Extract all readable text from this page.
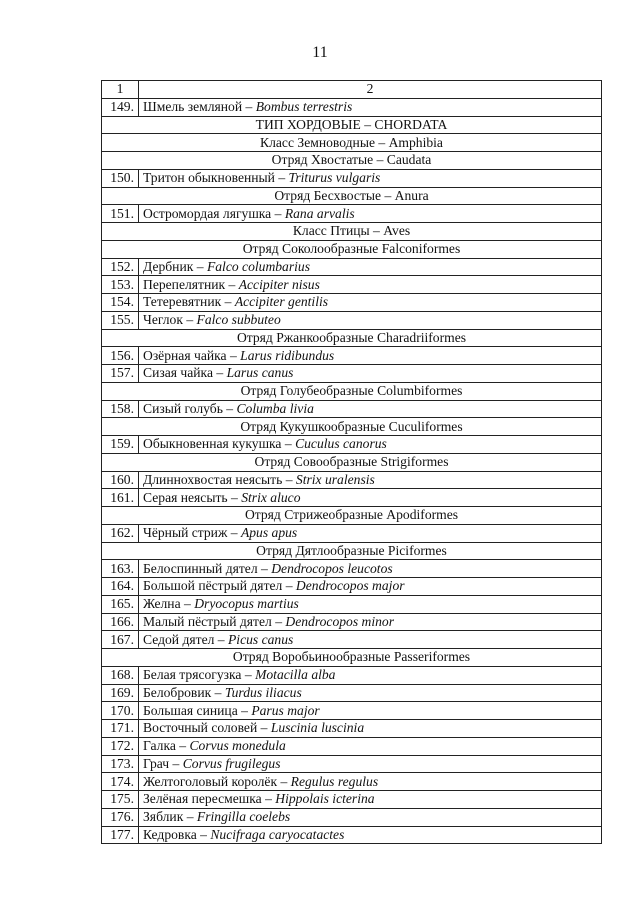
11
1	2
149.	Шмель земляной – Bombus terrestris
ТИП ХОРДОВЫЕ – CHORDATA	
Класс Земноводные – Amphibia	
Отряд Хвостатые – Caudata	
150.	Тритон обыкновенный – Triturus vulgaris
Отряд Бесхвостые – Anura	
151.	Остромордая лягушка – Rana arvalis
Класс Птицы – Aves	
Отряд Соколообразные Falconiformes	
152.	Дербник – Falco columbarius
153.	Перепелятник – Accipiter nisus
154.	Тетеревятник – Accipiter gentilis
155.	Чеглок – Falco subbuteo
Отряд Ржанкообразные Charadriiformes	
156.	Озёрная чайка – Larus ridibundus
157.	Сизая чайка – Larus canus
Отряд Голубеобразные Columbiformes	
158.	Сизый голубь – Columba livia
Отряд Кукушкообразные Cuculiformes	
159.	Обыкновенная кукушка – Cuculus canorus
Отряд Совообразные Strigiformes	
160.	Длиннохвостая неясыть – Strix uralensis
161.	Серая неясыть – Strix aluco
Отряд Стрижеобразные Apodiformes	
162.	Чёрный стриж – Apus apus
Отряд Дятлообразные Piciformes	
163.	Белоспинный дятел – Dendrocopos leucotos
164.	Большой пёстрый дятел – Dendrocopos major
165.	Желна – Dryocopus martius
166.	Малый пёстрый дятел – Dendrocopos minor
167.	Седой дятел – Picus canus
Отряд Воробьинообразные Passeriformes	
168.	Белая трясогузка – Motacilla alba
169.	Белобровик – Turdus iliacus
170.	Большая синица – Parus major
171.	Восточный соловей – Luscinia luscinia
172.	Галка – Corvus monedula
173.	Грач – Corvus frugilegus
174.	Желтоголовый королёк – Regulus regulus
175.	Зелёная пересмешка – Hippolais icterina
176.	Зяблик – Fringilla coelebs
177.	Кедровка – Nucifraga caryocatactes
